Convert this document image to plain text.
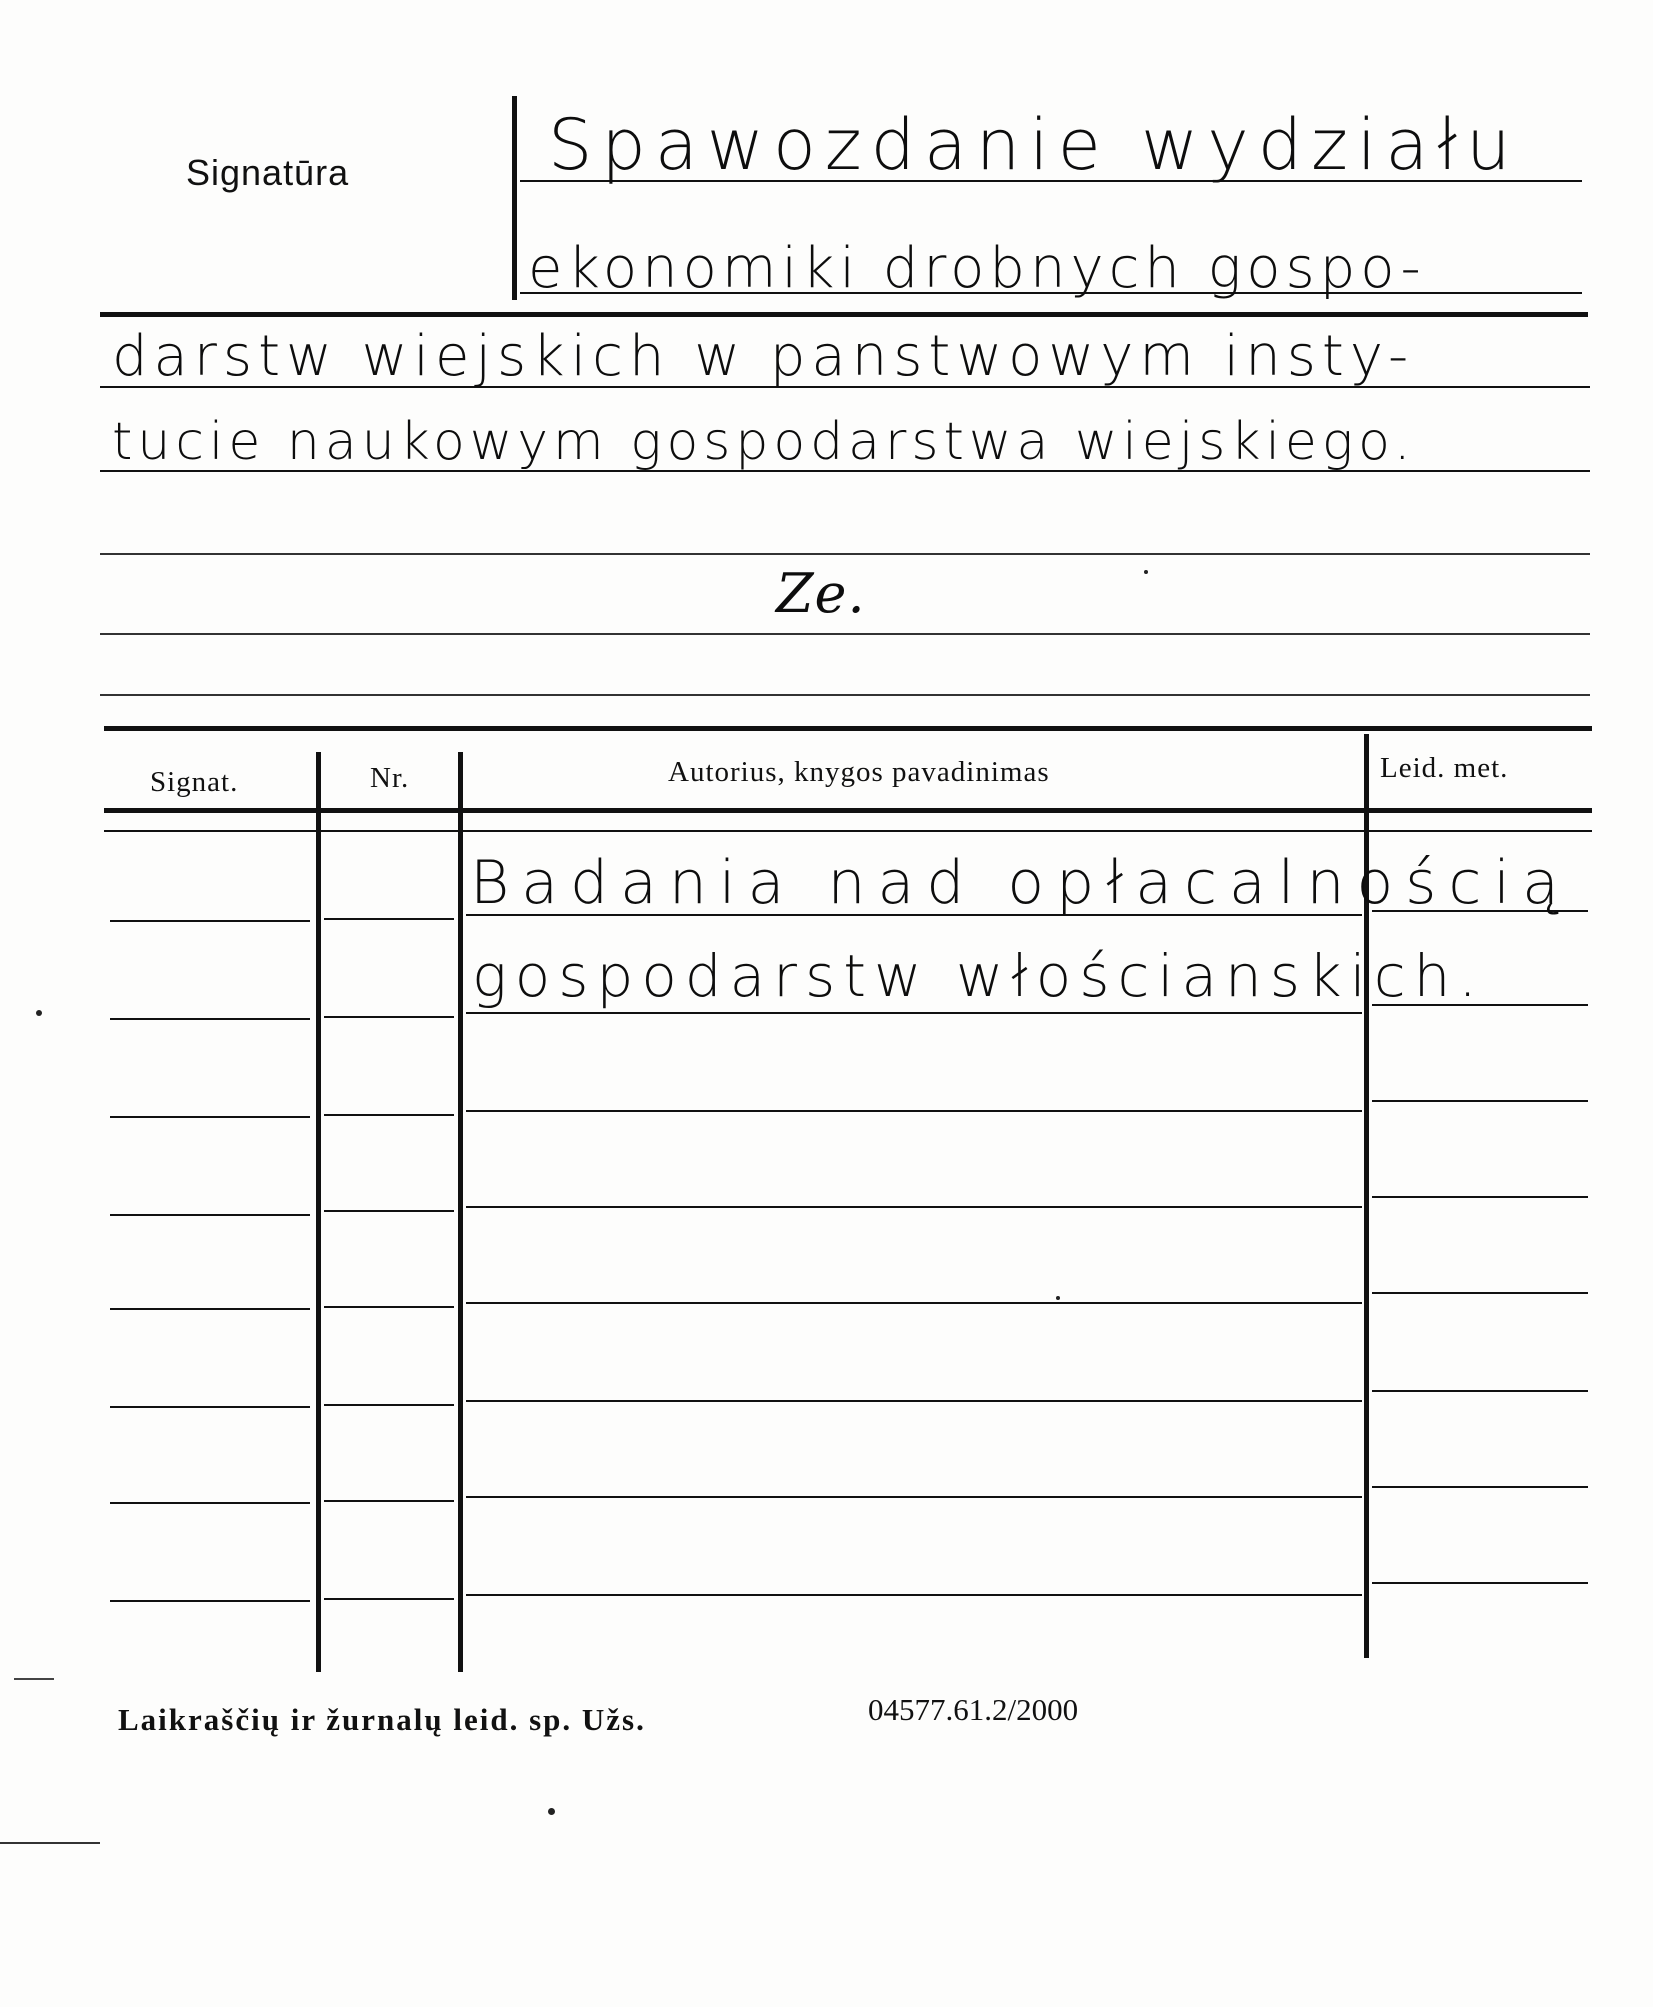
Signatūra	Spawozdanie wydziału
ekonomiki drobnych gospo-
darstw wiejskich w panstwowym insty-
tucie naukowym gospodarstwa wiejskiego.
Ze.
Signat.	Nr.	Autorius, knygos pavadinimas	Leid. met.
Badania nad opłacalnością
gospodarstw włościanskich.
Laikraščių ir žurnalų leid. sp. Užs.	04577.61.2/2000
